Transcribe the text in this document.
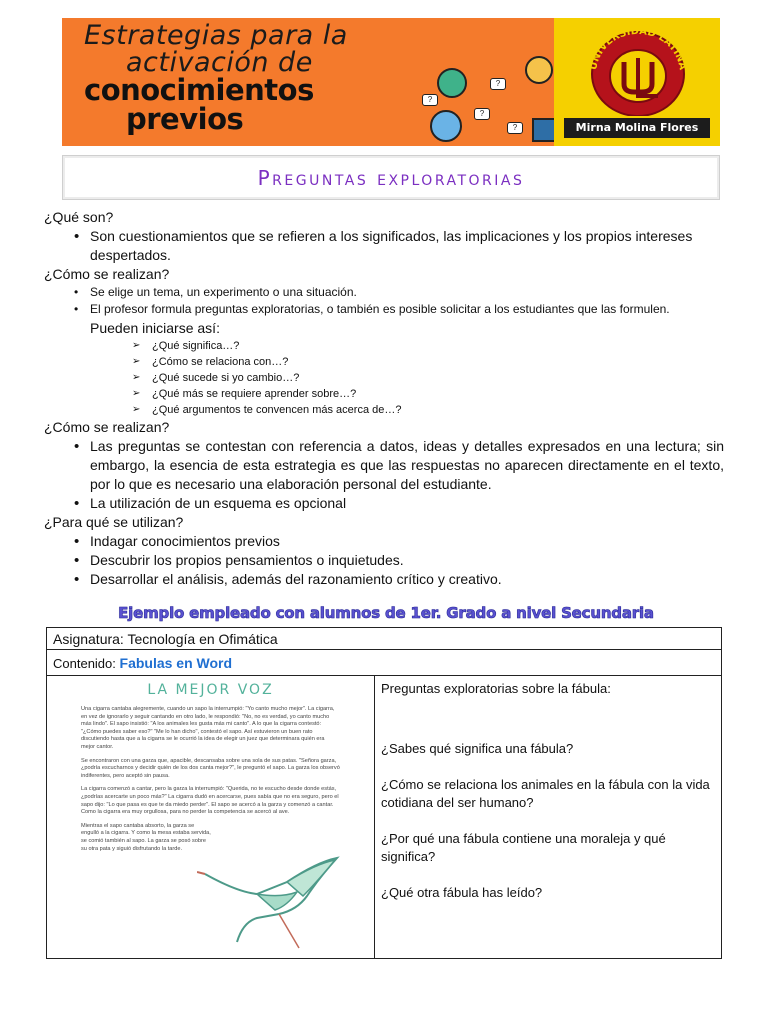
Estrategias para la
activación de
conocimientos
previos
?
?
?
?
UNIVERSIDAD LATINA
Mirna Molina Flores
Preguntas exploratorias
¿Qué son?
• Son cuestionamientos que se refieren a los significados, las implicaciones y los propios intereses despertados.
¿Cómo se realizan?
• Se elige un tema, un experimento o una situación.
• El profesor formula preguntas exploratorias, o también es posible solicitar a los estudiantes que las formulen.
Pueden iniciarse así:
➢ ¿Qué significa…?
➢ ¿Cómo se relaciona con…?
➢ ¿Qué sucede si yo cambio…?
➢ ¿Qué más se requiere aprender sobre…?
➢ ¿Qué argumentos te convencen más acerca de…?
¿Cómo se realizan?
• Las preguntas se contestan con referencia a datos, ideas y detalles expresados en una lectura; sin embargo, la esencia de esta estrategia es que las respuestas no aparecen directamente en el texto, por lo que es necesario una elaboración personal del estudiante.
• La utilización de un esquema es opcional
¿Para qué se utilizan?
• Indagar conocimientos previos
• Descubrir los propios pensamientos o inquietudes.
• Desarrollar el análisis, además del razonamiento crítico y creativo.
Ejemplo empleado con alumnos de 1er. Grado a nivel Secundaria
Asignatura: Tecnología en Ofimática
Contenido: Fabulas en Word
LA MEJOR VOZ

Una cigarra cantaba alegremente, cuando un sapo la interrumpió: "Yo canto mucho mejor". La cigarra, en vez de ignorarlo y seguir cantando en otro lado, le respondió: "No, no es verdad, yo canto mucho más lindo". El sapo insistió: "A los animales les gusta más mi canto". A lo que la cigarra contestó: "¿Cómo puedes saber eso?" "Me lo han dicho", contestó el sapo. Así estuvieron un buen rato discutiendo hasta que a la cigarra se le ocurrió la idea de elegir un juez que determinara quién era mejor cantor.

Se encontraron con una garza que, apacible, descansaba sobre una sola de sus patas. "Señora garza, ¿podría escucharnos y decidir quién de los dos canta mejor?", le preguntó el sapo. La garza los observó indiferentes, pero aceptó sin pausa.

La cigarra comenzó a cantar, pero la garza la interrumpió: "Querida, no te escucho desde donde estás, ¿podrías acercarte un poco más?" La cigarra dudó en acercarse, pues sabía que no era seguro, pero el sapo dijo: "Lo que pasa es que te da miedo perder". El sapo se acercó a la garza y comenzó a cantar. Como la cigarra era muy orgullosa, para no perder la competencia se acercó al ave.

Mientras el sapo cantaba absorto, la garza se engulló a la cigarra. Y como la mesa estaba servida, se comió también al sapo. La garza se posó sobre su otra pata y siguió disfrutando la tarde.

Preguntas exploratorias sobre la fábula:
¿Sabes qué significa una fábula?
¿Cómo se relaciona los animales en la fábula con la vida cotidiana del ser humano?
¿Por qué una fábula contiene una moraleja y qué significa?
¿Qué otra fábula has leído?
